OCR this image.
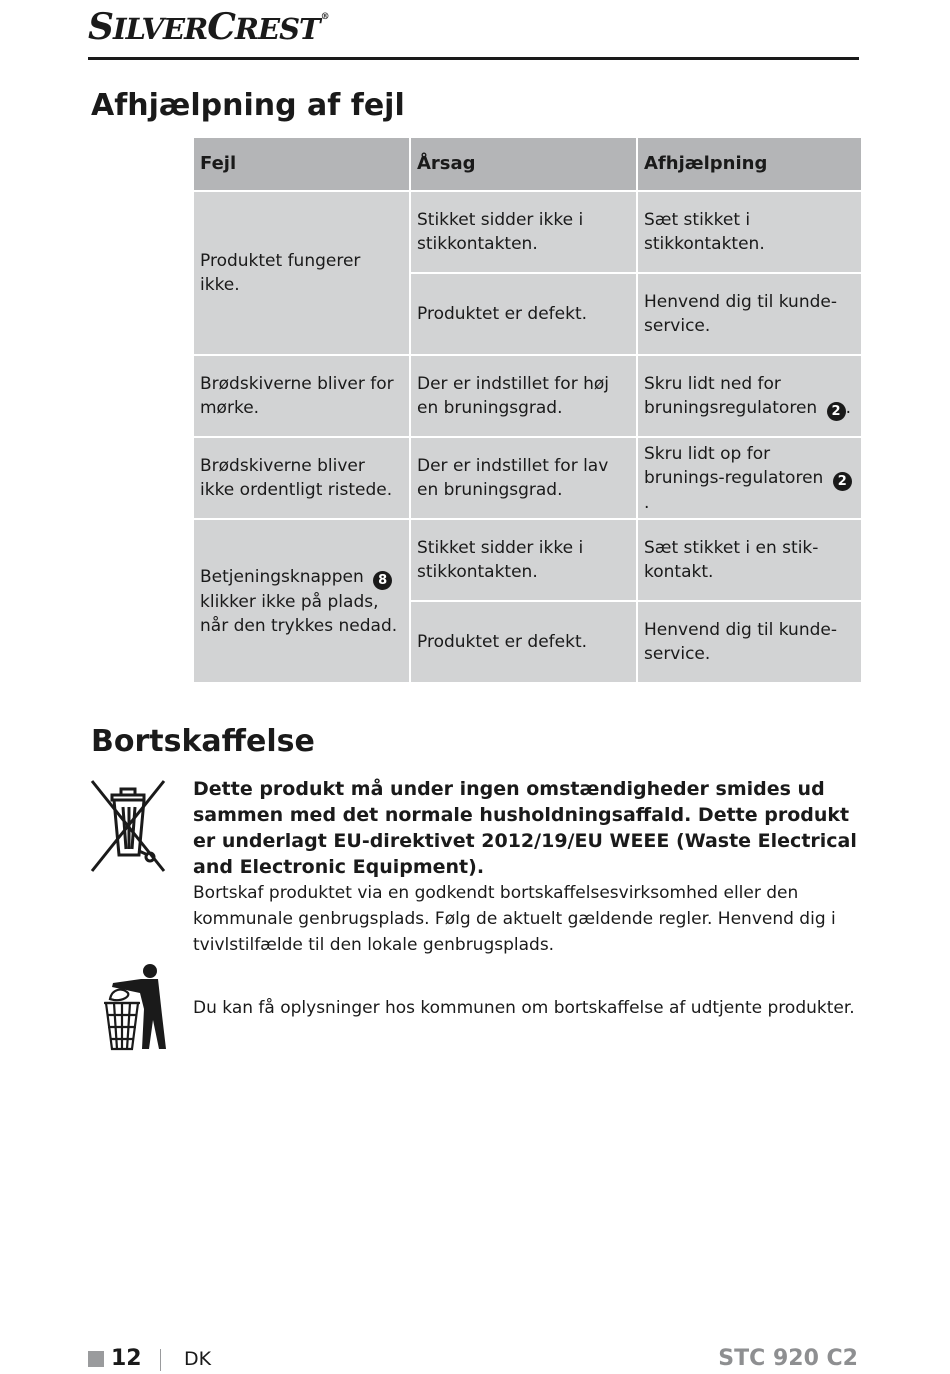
SILVERCREST®
Afhjælpning af fejl
Fejl	Årsag	Afhjælpning
Produktet fungerer ikke.	Stikket sidder ikke i stikkontakten.	Sæt stikket i stikkontakten.
	Produktet er defekt.	Henvend dig til kunde-service.
Brødskiverne bliver for mørke.	Der er indstillet for høj en bruningsgrad.	Skru lidt ned for bruningsregulatoren 2 .
Brødskiverne bliver ikke ordentligt ristede.	Der er indstillet for lav en bruningsgrad.	Skru lidt op for brunings-regulatoren 2.
Betjeningsknappen 8 klikker ikke på plads, når den trykkes nedad.	Stikket sidder ikke i stikkontakten.	Sæt stikket i en stik-kontakt.
	Produktet er defekt.	Henvend dig til kunde-service.
Bortskaffelse

Dette produkt må under ingen omstændigheder smides ud sammen med det normale husholdningsaffald. Dette produkt er underlagt EU-direktivet 2012/19/EU WEEE (Waste Electrical and Electronic Equipment).

Bortskaf produktet via en godkendt bortskaffelsesvirksomhed eller den kommunale genbrugsplads. Følg de aktuelt gældende regler. Henvend dig i tvivlstilfælde til den lokale genbrugsplads.

Du kan få oplysninger hos kommunen om bortskaffelse af udtjente produkter.

12 DK	STC 920 C2
